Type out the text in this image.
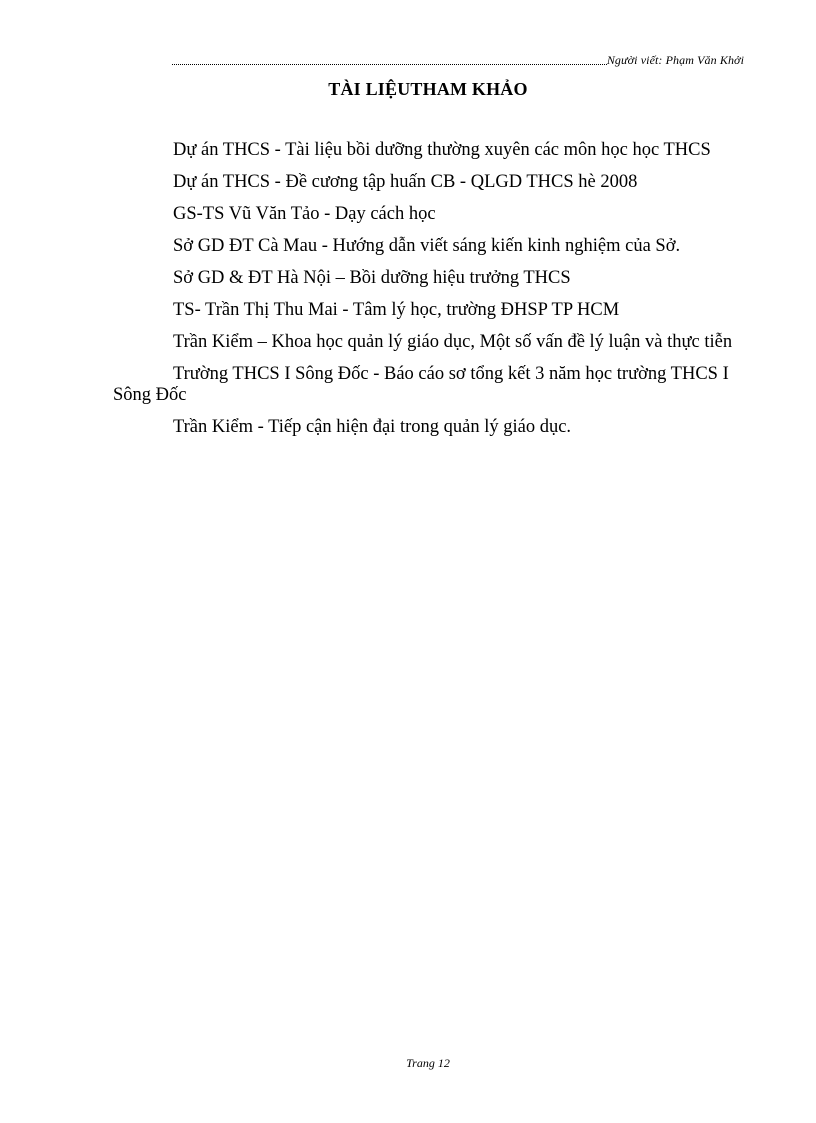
Người viết: Phạm Văn Khởi
TÀI LIỆUTHAM KHẢO
Dự án THCS - Tài liệu bồi dưỡng thường xuyên các môn học học THCS
Dự án THCS - Đề cương tập huấn CB - QLGD THCS hè 2008
GS-TS Vũ Văn Tảo - Dạy cách học
Sở GD ĐT Cà Mau - Hướng dẫn viết sáng kiến kinh nghiệm của Sở.
Sở GD & ĐT Hà Nội – Bồi dưỡng hiệu trưởng THCS
TS- Trần Thị Thu Mai - Tâm lý học, trường ĐHSP TP HCM
Trần Kiểm – Khoa học quản lý giáo dục, Một số vấn đề lý luận và thực tiễn
Trường THCS I Sông Đốc - Báo cáo sơ tổng kết 3 năm học trường THCS I Sông Đốc
Trần Kiểm - Tiếp cận hiện đại trong quản lý giáo dục.
Trang 12
